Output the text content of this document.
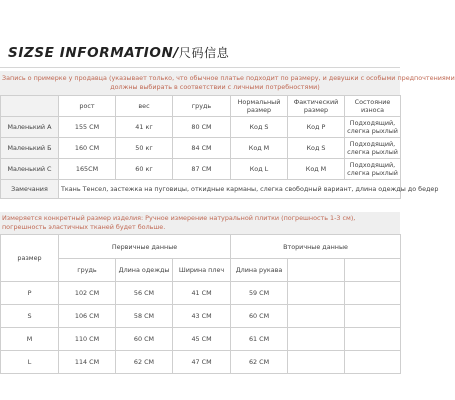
SIZSE INFORMATION/尺码信息
Запись о примерке у продавца (указывает только, что обычное платье подходит по размеру, и девушки с особыми предпочтениями
должны выбирать в соответствии с личными потребностями)
	рост	вес	грудь	Нормальный размер	Фактический размер	Состояние износа
Маленький А	155 CM	41 кг	80 CM	Код S	Код Р	Подходящий, слегка рыхлый
Маленький Б	160 CM	50 кг	84 CM	Код М	Код S	Подходящий, слегка рыхлый
Маленький С	165CM	60 кг	87 CM	Код L	Код М	Подходящий, слегка рыхлый
Замечания	Ткань Тенсел, застежка на пуговицы, откидные карманы, слегка свободный вариант, длина одежды до бедер					
Измеряется конкретный размер изделия: Ручное измерение натуральной плитки (погрешность 1-3 см), погрешность эластичных тканей будет больше.
размер	Первичные данные			Вторичные данные		
	грудь	Длина одежды	Ширина плеч	Длина рукава		
Р	102 CM	56 CM	41 CM	59 CM		
S	106 CM	58 CM	43 CM	60 CM		
М	110 CM	60 CM	45 CM	61 CM		
L	114 CM	62 CM	47 CM	62 CM		
